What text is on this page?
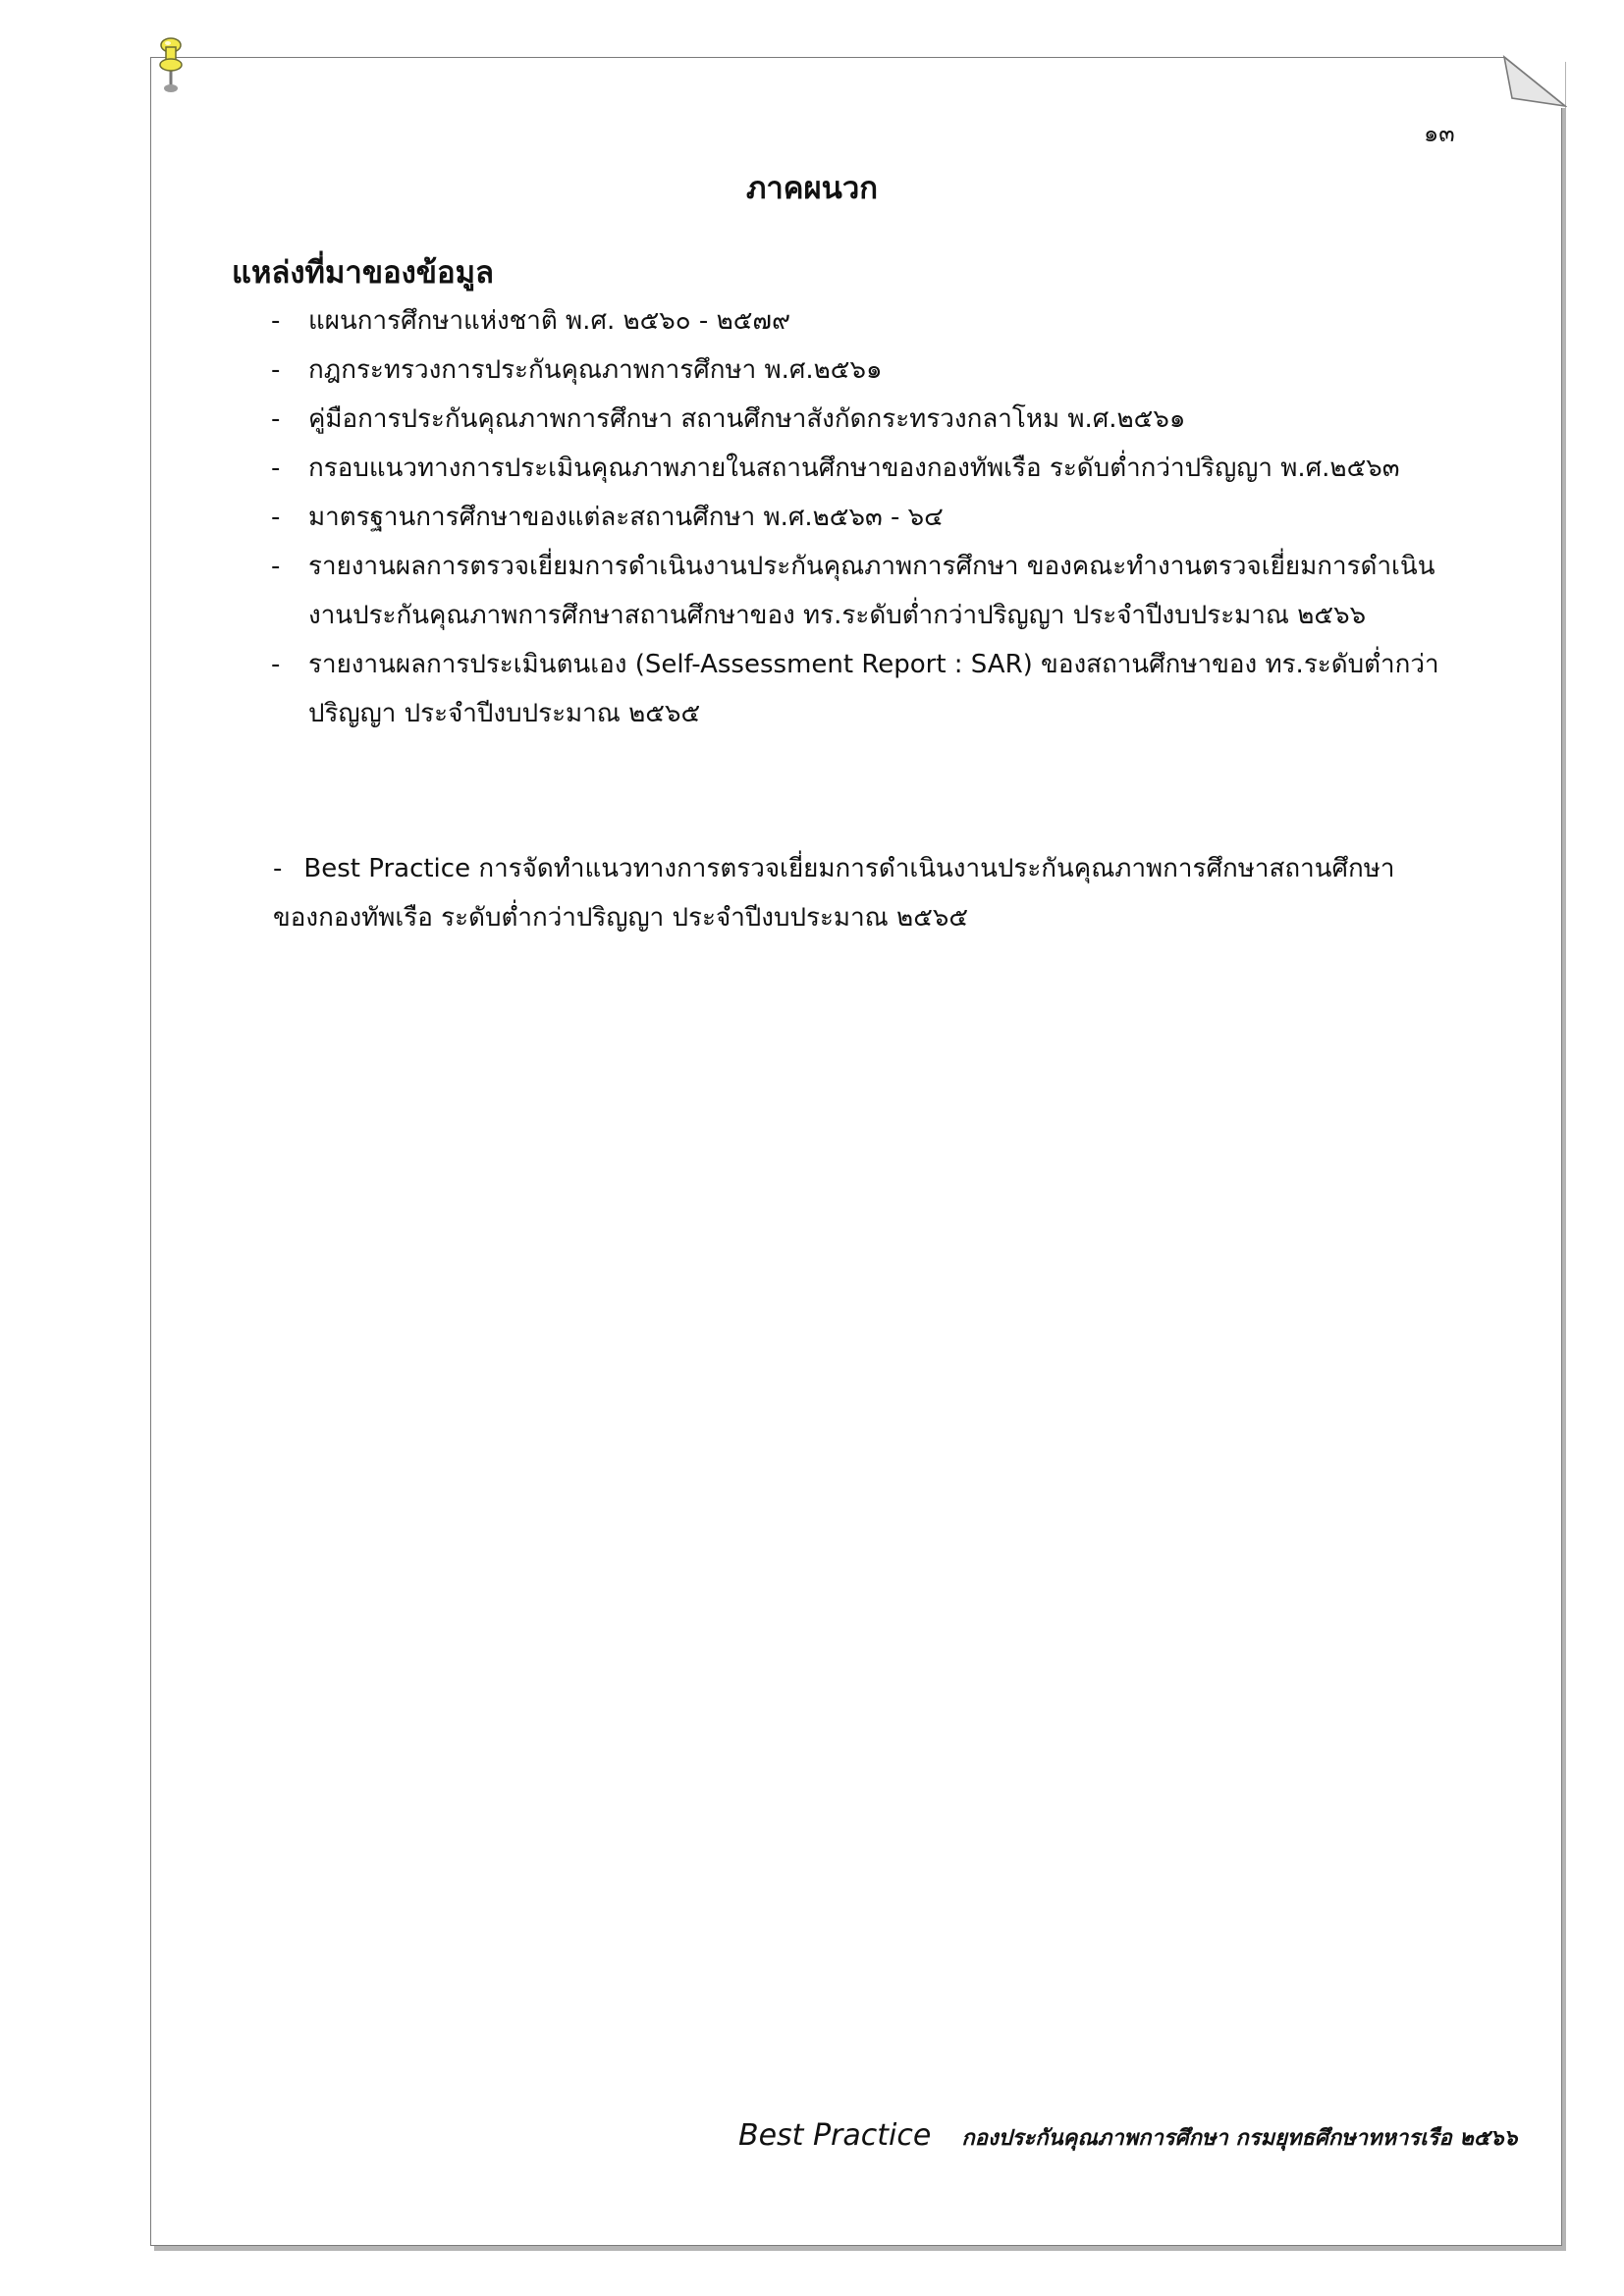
๑๓
ภาคผนวก
แหล่งที่มาของข้อมูล
- แผนการศึกษาแห่งชาติ พ.ศ. ๒๕๖๐ - ๒๕๗๙
- กฎกระทรวงการประกันคุณภาพการศึกษา พ.ศ.๒๕๖๑
- คู่มือการประกันคุณภาพการศึกษา สถานศึกษาสังกัดกระทรวงกลาโหม พ.ศ.๒๕๖๑
- กรอบแนวทางการประเมินคุณภาพภายในสถานศึกษาของกองทัพเรือ ระดับต่ำกว่าปริญญา พ.ศ.๒๕๖๓
- มาตรฐานการศึกษาของแต่ละสถานศึกษา พ.ศ.๒๕๖๓ - ๖๔
- รายงานผลการตรวจเยี่ยมการดำเนินงานประกันคุณภาพการศึกษา ของคณะทำงานตรวจเยี่ยมการดำเนินงานประกันคุณภาพการศึกษาสถานศึกษาของ ทร.ระดับต่ำกว่าปริญญา ประจำปีงบประมาณ ๒๕๖๖
- รายงานผลการประเมินตนเอง (Self-Assessment Report : SAR) ของสถานศึกษาของ ทร.ระดับต่ำกว่าปริญญา ประจำปีงบประมาณ ๒๕๖๕

- Best Practice การจัดทำแนวทางการตรวจเยี่ยมการดำเนินงานประกันคุณภาพการศึกษาสถานศึกษาของกองทัพเรือ ระดับต่ำกว่าปริญญา ประจำปีงบประมาณ ๒๕๖๕

Best Practice กองประกันคุณภาพการศึกษา กรมยุทธศึกษาทหารเรือ ๒๕๖๖
